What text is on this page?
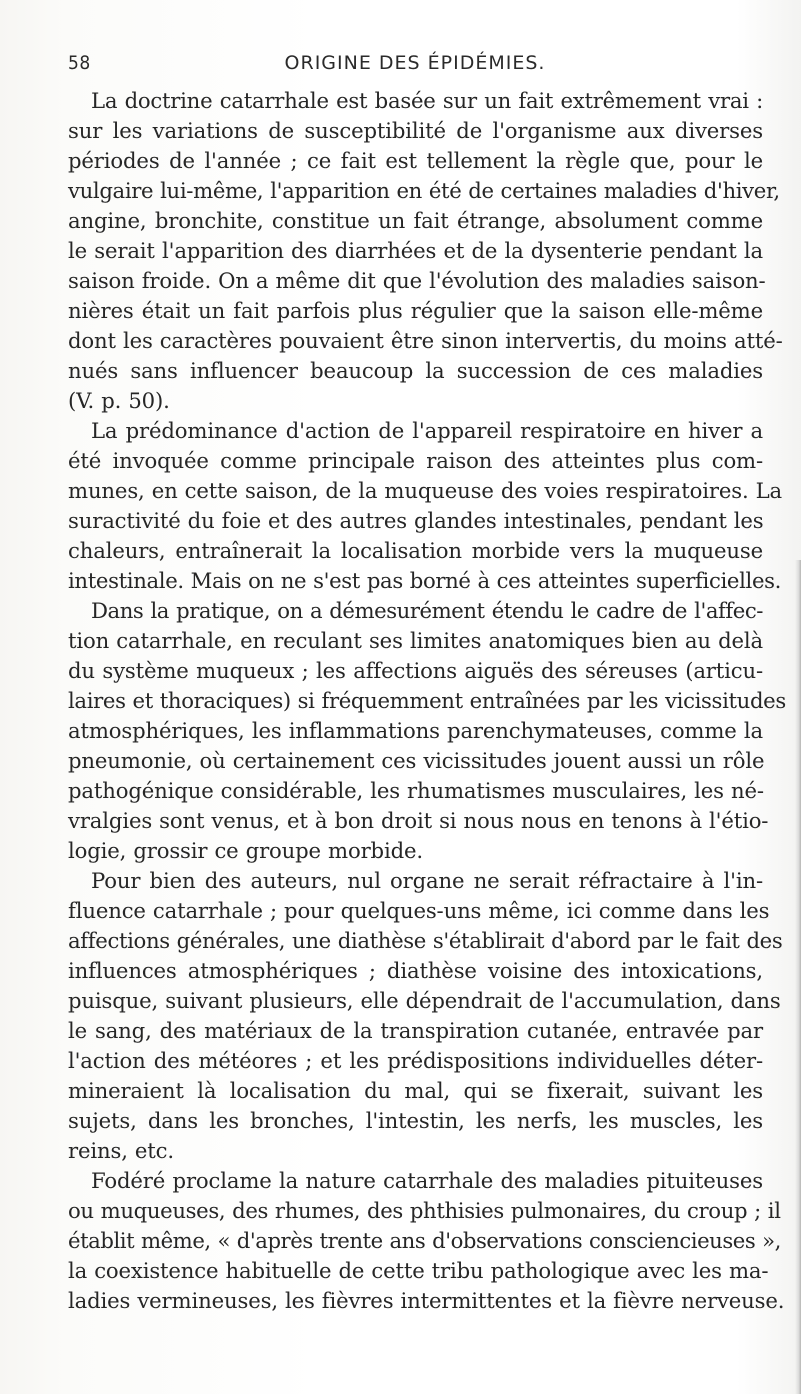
58	ORIGINE DES ÉPIDÉMIES.

La doctrine catarrhale est basée sur un fait extrêmement vrai :
sur les variations de susceptibilité de l'organisme aux diverses
périodes de l'année ; ce fait est tellement la règle que, pour le
vulgaire lui-même, l'apparition en été de certaines maladies d'hiver,
angine, bronchite, constitue un fait étrange, absolument comme
le serait l'apparition des diarrhées et de la dysenterie pendant la
saison froide. On a même dit que l'évolution des maladies saison-
nières était un fait parfois plus régulier que la saison elle-même
dont les caractères pouvaient être sinon intervertis, du moins atté-
nués sans influencer beaucoup la succession de ces maladies
(V. p. 50).

La prédominance d'action de l'appareil respiratoire en hiver a
été invoquée comme principale raison des atteintes plus com-
munes, en cette saison, de la muqueuse des voies respiratoires. La
suractivité du foie et des autres glandes intestinales, pendant les
chaleurs, entraînerait la localisation morbide vers la muqueuse
intestinale. Mais on ne s'est pas borné à ces atteintes superficielles.

Dans la pratique, on a démesurément étendu le cadre de l'affec-
tion catarrhale, en reculant ses limites anatomiques bien au delà
du système muqueux ; les affections aiguës des séreuses (articu-
laires et thoraciques) si fréquemment entraînées par les vicissitudes
atmosphériques, les inflammations parenchymateuses, comme la
pneumonie, où certainement ces vicissitudes jouent aussi un rôle
pathogénique considérable, les rhumatismes musculaires, les né-
vralgies sont venus, et à bon droit si nous nous en tenons à l'étio-
logie, grossir ce groupe morbide.

Pour bien des auteurs, nul organe ne serait réfractaire à l'in-
fluence catarrhale ; pour quelques-uns même, ici comme dans les
affections générales, une diathèse s'établirait d'abord par le fait des
influences atmosphériques ; diathèse voisine des intoxications,
puisque, suivant plusieurs, elle dépendrait de l'accumulation, dans
le sang, des matériaux de la transpiration cutanée, entravée par
l'action des météores ; et les prédispositions individuelles déter-
mineraient là localisation du mal, qui se fixerait, suivant les
sujets, dans les bronches, l'intestin, les nerfs, les muscles, les
reins, etc.

Fodéré proclame la nature catarrhale des maladies pituiteuses
ou muqueuses, des rhumes, des phthisies pulmonaires, du croup ; il
établit même, « d'après trente ans d'observations consciencieuses »,
la coexistence habituelle de cette tribu pathologique avec les ma-
ladies vermineuses, les fièvres intermittentes et la fièvre nerveuse.
